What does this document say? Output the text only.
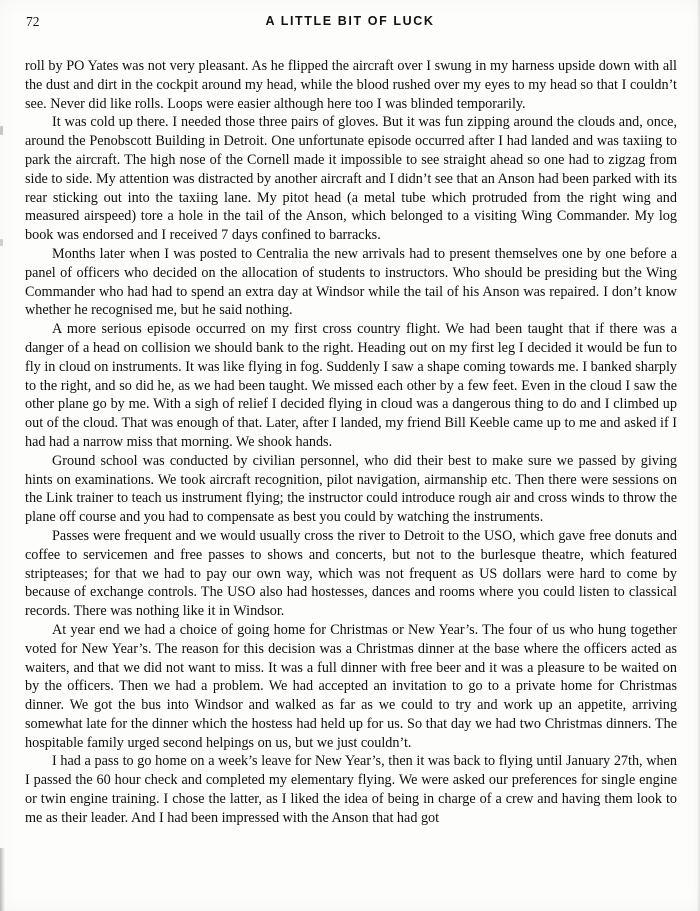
72	A LITTLE BIT OF LUCK

roll by PO Yates was not very pleasant. As he flipped the aircraft over I swung in my harness upside down with all the dust and dirt in the cockpit around my head, while the blood rushed over my eyes to my head so that I couldn’t see. Never did like rolls. Loops were easier although here too I was blinded temporarily.

It was cold up there. I needed those three pairs of gloves. But it was fun zipping around the clouds and, once, around the Penobscott Building in Detroit. One unfortunate episode occurred after I had landed and was taxiing to park the aircraft. The high nose of the Cornell made it impossible to see straight ahead so one had to zigzag from side to side. My attention was distracted by another aircraft and I didn’t see that an Anson had been parked with its rear sticking out into the taxiing lane. My pitot head (a metal tube which protruded from the right wing and measured airspeed) tore a hole in the tail of the Anson, which belonged to a visiting Wing Commander. My log book was endorsed and I received 7 days confined to barracks.

Months later when I was posted to Centralia the new arrivals had to present themselves one by one before a panel of officers who decided on the allocation of students to instructors. Who should be presiding but the Wing Commander who had had to spend an extra day at Windsor while the tail of his Anson was repaired. I don’t know whether he recognised me, but he said nothing.

A more serious episode occurred on my first cross country flight. We had been taught that if there was a danger of a head on collision we should bank to the right. Heading out on my first leg I decided it would be fun to fly in cloud on instruments. It was like flying in fog. Suddenly I saw a shape coming towards me. I banked sharply to the right, and so did he, as we had been taught. We missed each other by a few feet. Even in the cloud I saw the other plane go by me. With a sigh of relief I decided flying in cloud was a dangerous thing to do and I climbed up out of the cloud. That was enough of that. Later, after I landed, my friend Bill Keeble came up to me and asked if I had had a narrow miss that morning. We shook hands.

Ground school was conducted by civilian personnel, who did their best to make sure we passed by giving hints on examinations. We took aircraft recognition, pilot navigation, airmanship etc. Then there were sessions on the Link trainer to teach us instrument flying; the instructor could introduce rough air and cross winds to throw the plane off course and you had to compensate as best you could by watching the instruments.

Passes were frequent and we would usually cross the river to Detroit to the USO, which gave free donuts and coffee to servicemen and free passes to shows and concerts, but not to the burlesque theatre, which featured stripteases; for that we had to pay our own way, which was not frequent as US dollars were hard to come by because of exchange controls. The USO also had hostesses, dances and rooms where you could listen to classical records. There was nothing like it in Windsor.

At year end we had a choice of going home for Christmas or New Year’s. The four of us who hung together voted for New Year’s. The reason for this decision was a Christmas dinner at the base where the officers acted as waiters, and that we did not want to miss. It was a full dinner with free beer and it was a pleasure to be waited on by the officers. Then we had a problem. We had accepted an invitation to go to a private home for Christmas dinner. We got the bus into Windsor and walked as far as we could to try and work up an appetite, arriving somewhat late for the dinner which the hostess had held up for us. So that day we had two Christmas dinners. The hospitable family urged second helpings on us, but we just couldn’t.

I had a pass to go home on a week’s leave for New Year’s, then it was back to flying until January 27th, when I passed the 60 hour check and completed my elementary flying. We were asked our preferences for single engine or twin engine training. I chose the latter, as I liked the idea of being in charge of a crew and having them look to me as their leader. And I had been impressed with the Anson that had got
